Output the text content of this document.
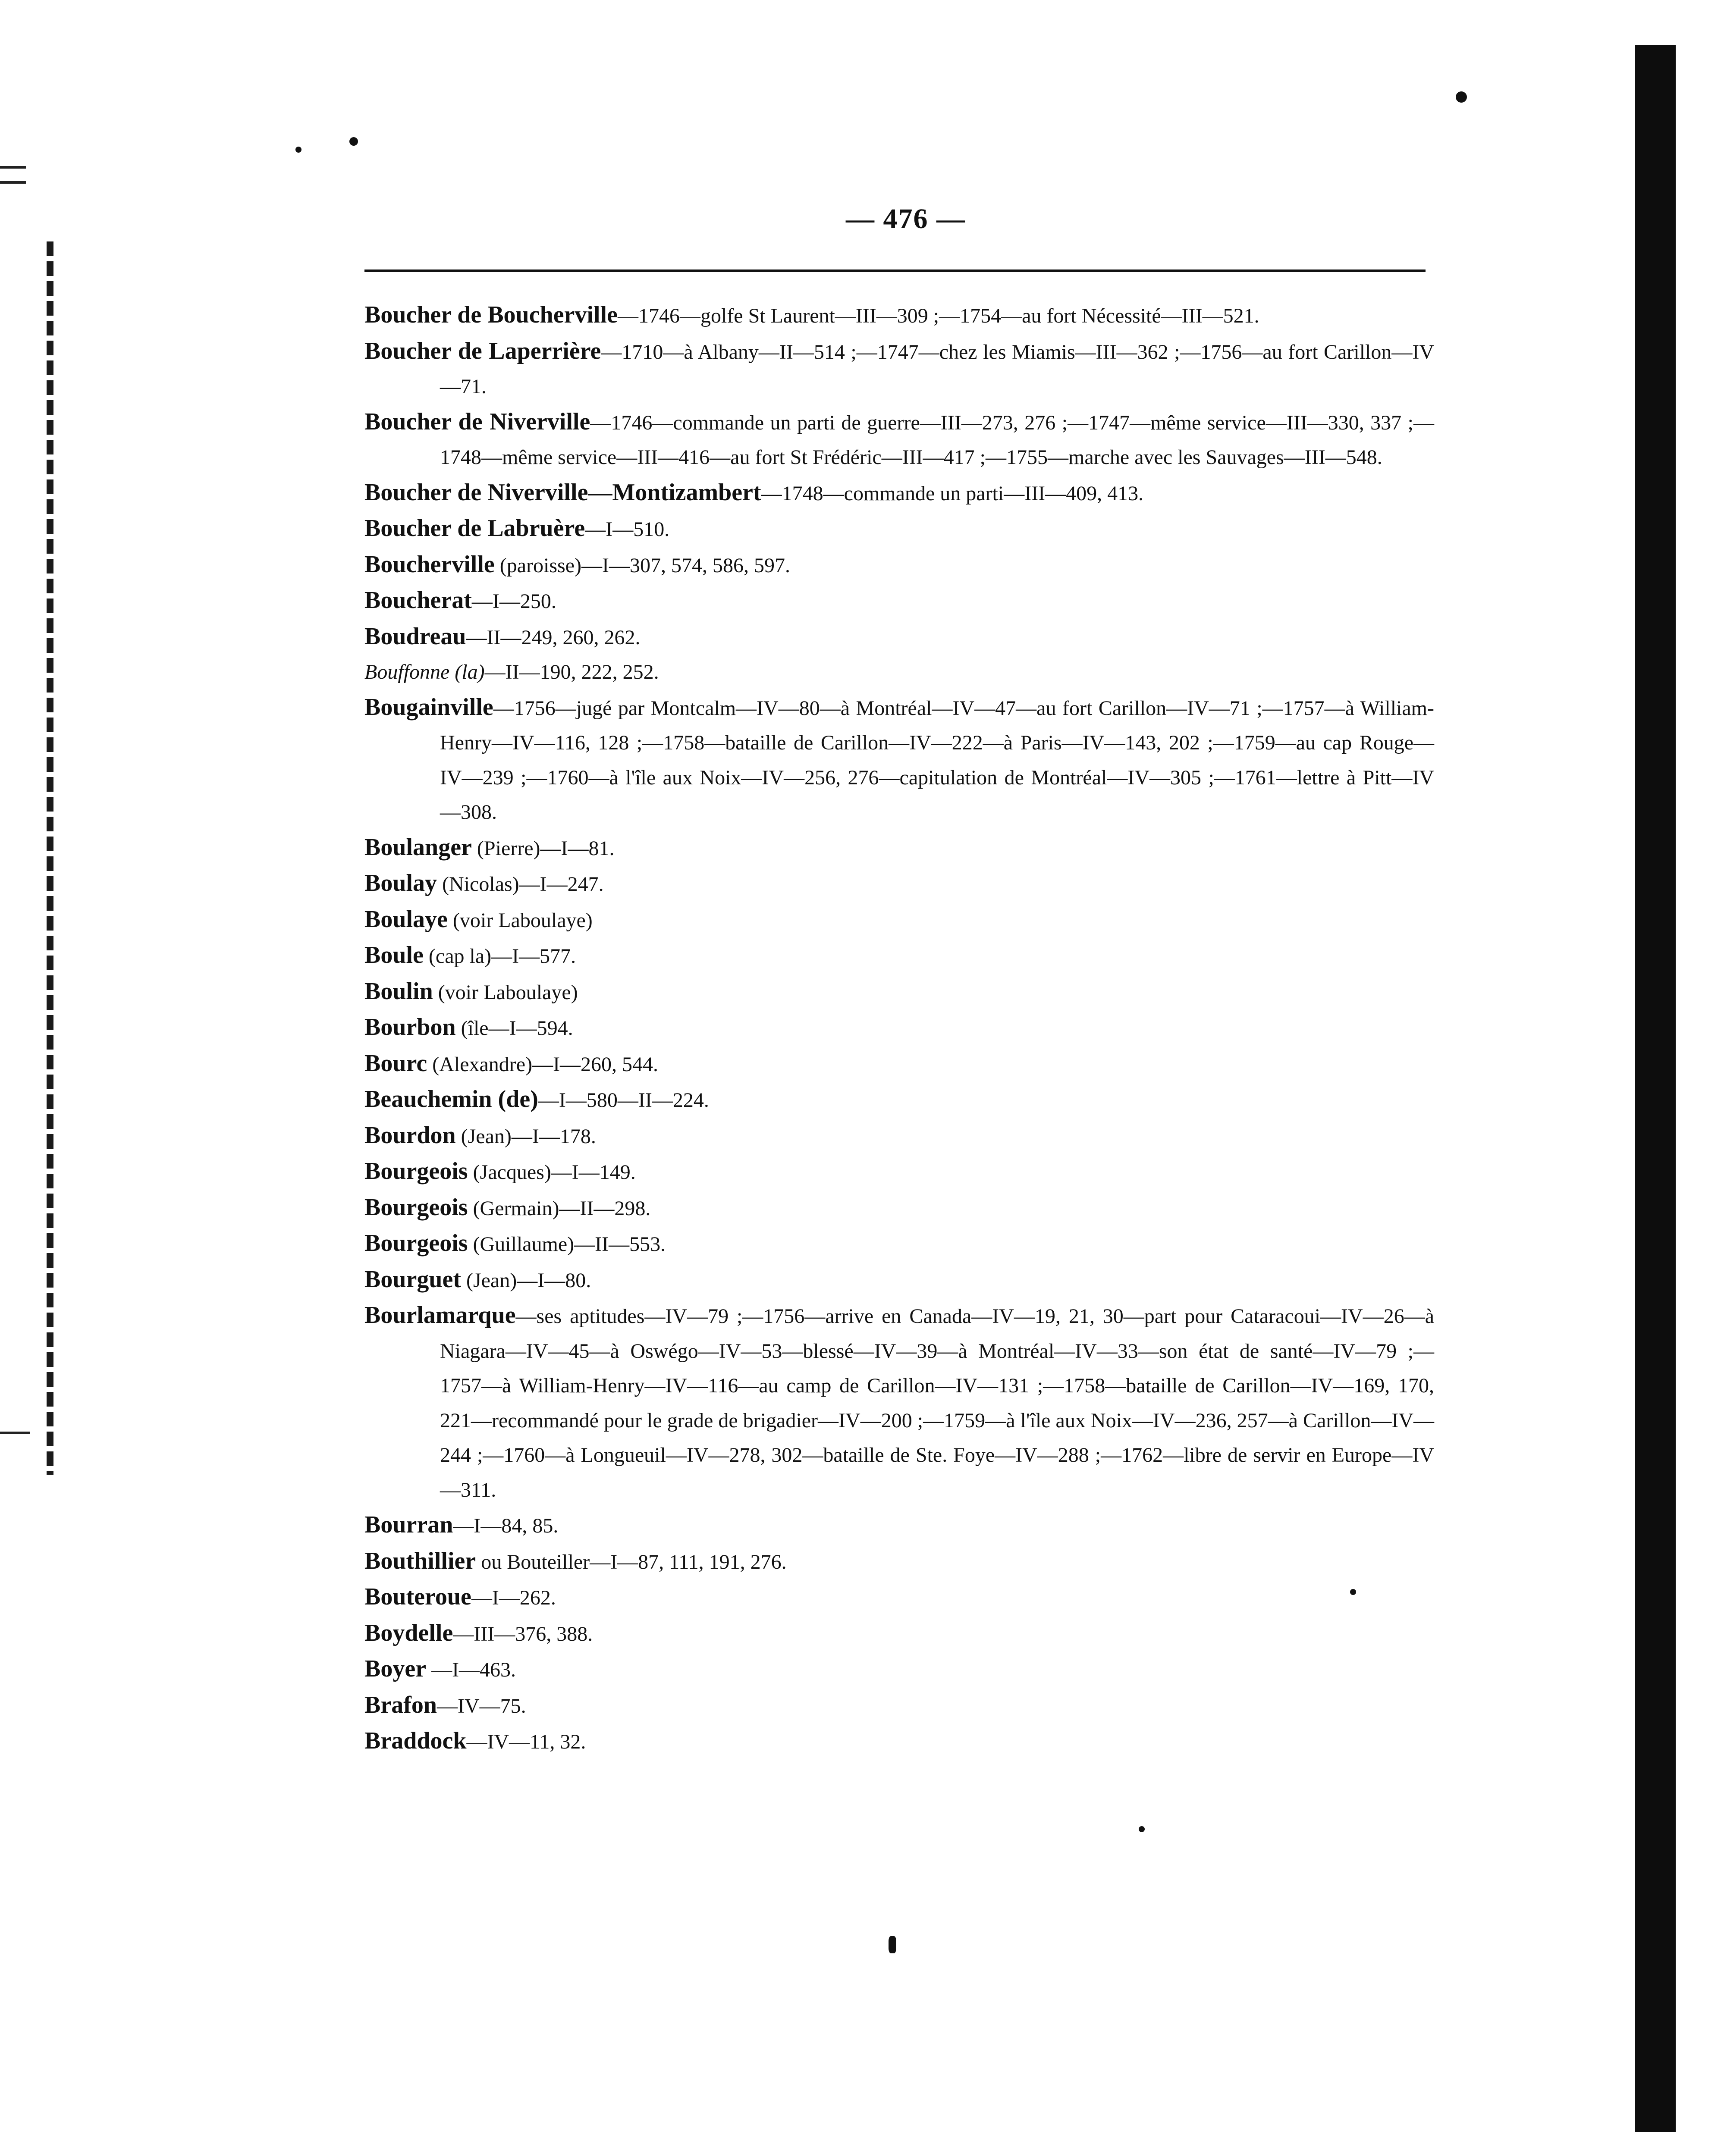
— 476 —

Boucher de Boucherville—1746—golfe St Laurent—III—309 ;—1754—au fort Nécessité—III—521.

Boucher de Laperrière—1710—à Albany—II—514 ;—1747—chez les Miamis—III—362 ;—1756—au fort Carillon—IV—71.

Boucher de Niverville—1746—commande un parti de guerre—III—273, 276 ;—1747—même service—III—330, 337 ;—1748—même service—III—416—au fort St Frédéric—III—417 ;—1755—marche avec les Sauvages—III—548.

Boucher de Niverville—Montizambert—1748—commande un parti—III—409, 413.

Boucher de Labruère—I—510.

Boucherville (paroisse)—I—307, 574, 586, 597.

Boucherat—I—250.

Boudreau—II—249, 260, 262.

Bouffonne (la)—II—190, 222, 252.

Bougainville—1756—jugé par Montcalm—IV—80—à Montréal—IV—47—au fort Carillon—IV—71 ;—1757—à William-Henry—IV—116, 128 ;—1758—bataille de Carillon—IV—222—à Paris—IV—143, 202 ;—1759—au cap Rouge—IV—239 ;—1760—à l'île aux Noix—IV—256, 276—capitulation de Montréal—IV—305 ;—1761—lettre à Pitt—IV—308.

Boulanger (Pierre)—I—81.

Boulay (Nicolas)—I—247.

Boulaye (voir Laboulaye)

Boule (cap la)—I—577.

Boulin (voir Laboulaye)

Bourbon (île—I—594.

Bourc (Alexandre)—I—260, 544.

Beauchemin (de)—I—580—II—224.

Bourdon (Jean)—I—178.

Bourgeois (Jacques)—I—149.

Bourgeois (Germain)—II—298.

Bourgeois (Guillaume)—II—553.

Bourguet (Jean)—I—80.

Bourlamarque—ses aptitudes—IV—79 ;—1756—arrive en Canada—IV—19, 21, 30—part pour Cataracoui—IV—26—à Niagara—IV—45—à Oswégo—IV—53—blessé—IV—39—à Montréal—IV—33—son état de santé—IV—79 ;—1757—à William-Henry—IV—116—au camp de Carillon—IV—131 ;—1758—bataille de Carillon—IV—169, 170, 221—recommandé pour le grade de brigadier—IV—200 ;—1759—à l'île aux Noix—IV—236, 257—à Carillon—IV—244 ;—1760—à Longueuil—IV—278, 302—bataille de Ste. Foye—IV—288 ;—1762—libre de servir en Europe—IV—311.

Bourran—I—84, 85.

Bouthillier ou Bouteiller—I—87, 111, 191, 276.

Bouteroue—I—262.

Boydelle—III—376, 388.

Boyer —I—463.

Brafon—IV—75.

Braddock—IV—11, 32.
